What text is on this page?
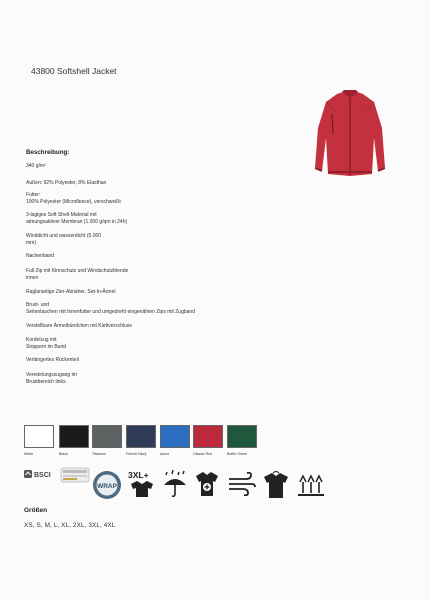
43800 Softshell Jacket
Beschreibung:
340 g/m²
Außen: 92% Polyester, 8% Elasthan
Futter:
100% Polyester (Microfleece), verschweißt
3-lagiges Soft Shell-Material mit
atmungsaktiver Membran (1.000 g/qm in 24h)
Winddicht und wasserdicht (5.000
mm)
Nackenband
Full Zip mit Kinnschutz und Windschutzblende
innen
Raglanartige Zier-Abnäher, Set-In-Ärmel
Brust- und
Seitentaschen mit Innenfutter und umgedreht eingenähten Zips mit Zugband
Verstellbare Ärmelbündchen mit Klettverschluss
Kordelzug mit
Stoppern im Bund
Verlängertes Rückenteil
Veredelungszugang im
Brustbereich links.
White	Black	Titanium	French Navy	Azure	Classic Red	Bottle Green
BSCI
WRAP
3XL+
Größen
XS, S, M, L, XL, 2XL, 3XL, 4XL
